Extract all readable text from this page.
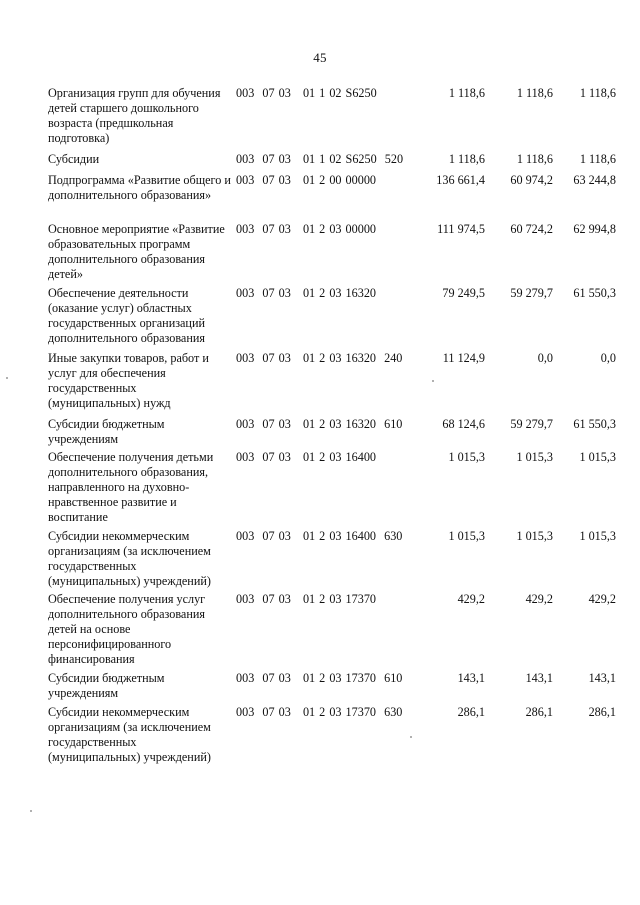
45
Организация групп для обучения детей старшего дошкольного возраста (предшкольная подготовка)
003  07 03   01 1 02 S6250	1 118,6	1 118,6	1 118,6
Субсидии	003  07 03   01 1 02 S6250  520	1 118,6	1 118,6	1 118,6
Подпрограмма «Развитие общего и дополнительного образования»
003  07 03   01 2 00 00000	136 661,4	60 974,2	63 244,8
Основное мероприятие «Развитие образовательных программ дополнительного образования детей»
003  07 03   01 2 03 00000	111 974,5	60 724,2	62 994,8
Обеспечение деятельности (оказание услуг) областных государственных организаций дополнительного образования
003  07 03   01 2 03 16320	79 249,5	59 279,7	61 550,3
Иные закупки товаров, работ и услуг для обеспечения государственных (муниципальных) нужд
003  07 03   01 2 03 16320  240	11 124,9	0,0	0,0
Субсидии бюджетным учреждениям
003  07 03   01 2 03 16320  610	68 124,6	59 279,7	61 550,3
Обеспечение получения детьми дополнительного образования, направленного на духовно-нравственное развитие и воспитание
003  07 03   01 2 03 16400	1 015,3	1 015,3	1 015,3
Субсидии некоммерческим организациям (за исключением государственных (муниципальных) учреждений)
003  07 03   01 2 03 16400  630	1 015,3	1 015,3	1 015,3
Обеспечение получения услуг дополнительного образования детей на основе персонифицированного финансирования
003  07 03   01 2 03 17370	429,2	429,2	429,2
Субсидии бюджетным учреждениям
003  07 03   01 2 03 17370  610	143,1	143,1	143,1
Субсидии некоммерческим организациям (за исключением государственных (муниципальных) учреждений)
003  07 03   01 2 03 17370  630	286,1	286,1	286,1
